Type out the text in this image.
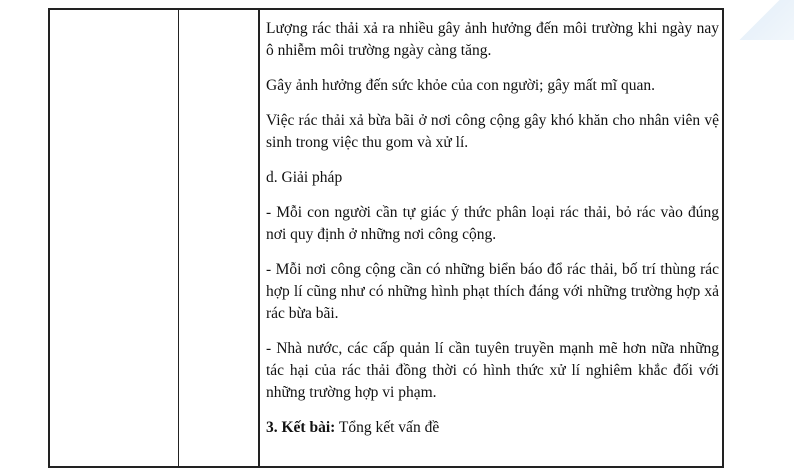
Lượng rác thải xả ra nhiều gây ảnh hưởng đến môi trường khi ngày nay ô nhiễm môi trường ngày càng tăng.

Gây ảnh hưởng đến sức khỏe của con người; gây mất mĩ quan.

Việc rác thải xả bừa bãi ở nơi công cộng gây khó khăn cho nhân viên vệ sinh trong việc thu gom và xử lí.

d. Giải pháp

- Mỗi con người cần tự giác ý thức phân loại rác thải, bỏ rác vào đúng nơi quy định ở những nơi công cộng.

- Mỗi nơi công cộng cần có những biển báo đổ rác thải, bố trí thùng rác hợp lí cũng như có những hình phạt thích đáng với những trường hợp xả rác bừa bãi.

- Nhà nước, các cấp quản lí cần tuyên truyền mạnh mẽ hơn nữa những tác hại của rác thải đồng thời có hình thức xử lí nghiêm khắc đối với những trường hợp vi phạm.

3. Kết bài: Tổng kết vấn đề
